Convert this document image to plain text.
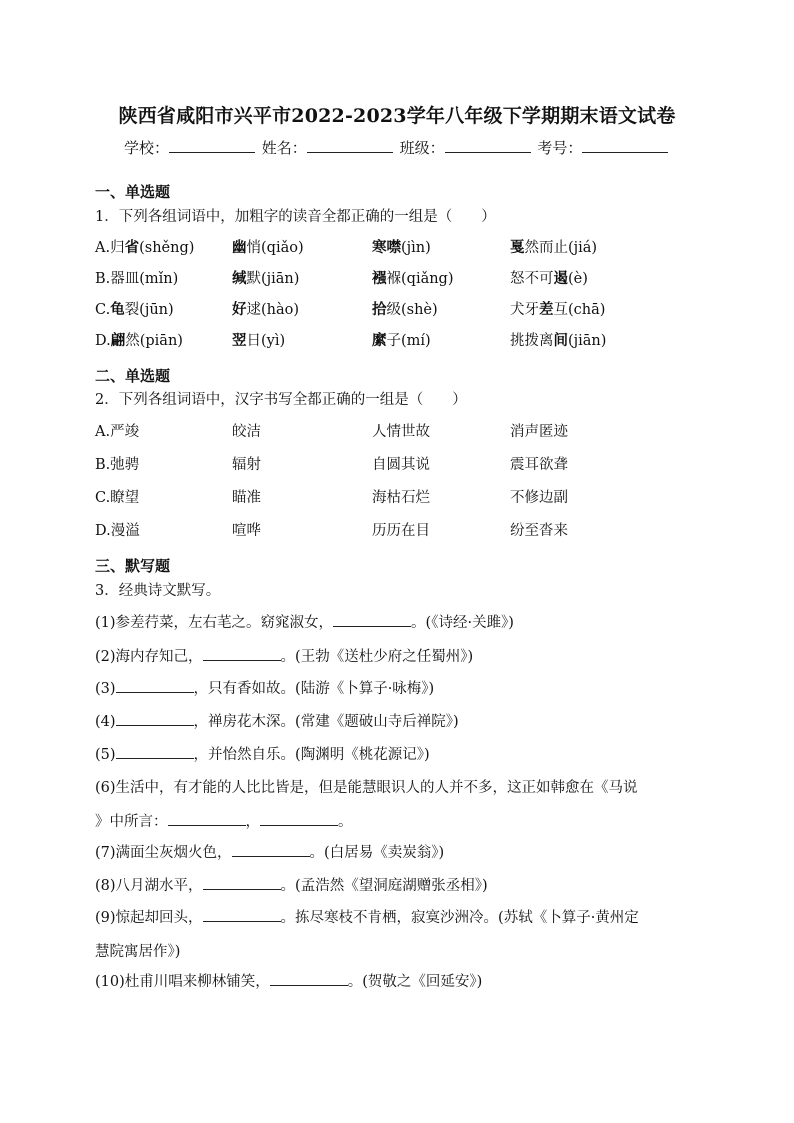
陕西省咸阳市兴平市2022-2023学年八年级下学期期末语文试卷
学校：	姓名：	班级：	考号：
一、单选题
1．下列各组词语中，加粗字的读音全都正确的一组是（　　）
二、单选题
2．下列各组词语中，汉字书写全都正确的一组是（　　）
三、默写题
3．经典诗文默写。
A.归省(shěng)	幽悄(qiǎo)	寒噤(jìn)	戛然而止(jiá)
B.器皿(mǐn)	缄默(jiān)	襁褓(qiǎng)	怒不可遏(è)
C.龟裂(jūn)	好逑(hào)	拾级(shè)	犬牙差互(chā)
D.翩然(piān)	翌日(yì)	縻子(mí)	挑拨离间(jiān)
A.严竣	皎洁	人情世故	消声匿迹
B.弛骋	辐射	自圆其说	震耳欲聋
C.瞭望	瞄准	海枯石烂	不修边副
D.漫溢	喧哗	历历在目	纷至沓来
(1)参差荇菜，左右芼之。窈窕淑女，	。(《诗经·关雎》)
(2)海内存知己，	。(王勃《送杜少府之任蜀州》)
(3)	，只有香如故。(陆游《卜算子·咏梅》)
(4)	，禅房花木深。(常建《题破山寺后禅院》)
(5)	，并怡然自乐。(陶渊明《桃花源记》)
(6)生活中，有才能的人比比皆是，但是能慧眼识人的人并不多，这正如韩愈在《马说
》中所言：	，	。
(7)满面尘灰烟火色，	。(白居易《卖炭翁》)
(8)八月湖水平，	。(孟浩然《望洞庭湖赠张丞相》)
(9)惊起却回头，	。拣尽寒枝不肯栖，寂寞沙洲冷。(苏轼《卜算子·黄州定
慧院寓居作》)
(10)杜甫川唱来柳林铺笑，	。(贺敬之《回延安》)
